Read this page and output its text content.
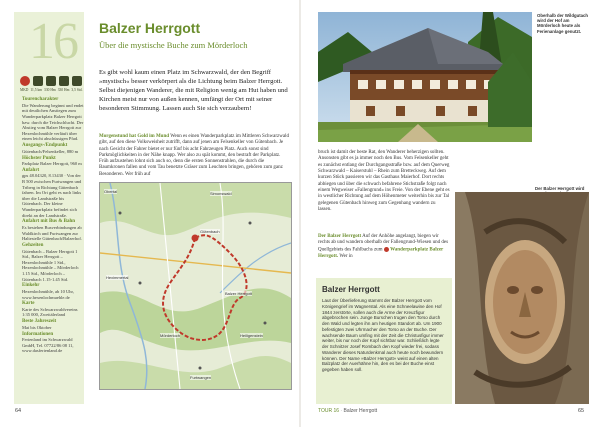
16
MKD 11,5 km 330 Hm 330 Hm 3,5 Std.
Tourencharakter
Die Wanderung beginnt und endet mit deutlichen Anstiegen zum Wanderparkplatz Balzer Herrgott bzw. durch die Teichschlucht. Der Abstieg vom Balzer Herrgott zur Hexenlochmühle verläuft über einen leicht abschüssigen Pfad.
Ausgangs-/Endpunkt
Gütenbach/Felsenkeller, 880 m
Höchster Punkt
Parkplatz Balzer Herrgott, 960 m
Anfahrt
gps 48.04320, 8.13430 · Von der B 500 zwischen Furtwangen und Triberg in Richtung Gütenbach fahren. Im Ort geht es nach links über die Landstraße bis Gütenbach. Der kleine Wanderparkplatz befindet sich direkt an der Landstraße.
Anfahrt mit Bus & Bahn
Es bestehen Busverbindungen ab Waldkirch und Furtwangen zur Haltestelle Gütenbach/Balzerhof.
Gehzeiten
Gütenbach – Balzer Herrgott 1 Std., Balzer Herrgott – Hexenlochmühle 1 Std., Hexenlochmühle – Mörderloch 1.15 Std., Mörderloch – Gütenbach 1.15-1.45 Std.
Einkehr
Hexenlochmühle, ab 10 Uhr, www.hexenlochmuehle.de
Karte
Karte des Schwarzwaldvereins 1:35 000, Zweitälerland
Beste Jahreszeit
Mai bis Oktober
Informationen
Ferienland im Schwarzwald GmbH, Tel. 07722/86 08 11, www.dasferienland.de
Balzer Herrgott
Über die mystische Buche zum Mörderloch
Es gibt wohl kaum einen Platz im Schwarzwald, der den Begriff »mystisch« besser verkörpert als die Lichtung beim Balzer Herrgott. Selbst diejenigen Wanderer, die mit Religion wenig am Hut haben und Kirchen meist nur von außen kennen, umfängt der Ort mit seiner besonderen Stimmung. Lassen auch Sie sich verzaubern!
Morgenstund hat Gold im Mund Wenn es einen Wanderparkplatz im Mittleren Schwarzwald gibt, auf den diese Volksweisheit zutrifft, dann auf jenen am Felsenkeller von Gütenbach. Je nach Gesicht der Fahrer bietet er nur fünf bis acht Fahrzeugen Platz. Auch sonst sind Parkmöglichkeiten in der Nähe knapp. Wer also zu spät kommt, den bestraft der Parkplatz. Früh aufzustehen lohnt sich auch so, denn die ersten Sonnenstrahlen, die durch die Baumkronen fallen und vom Tau benetzte Gräser zum Leuchten bringen, gehören zum ganz Besonderen. Wer früh auf
Obertal	Simonswald
Heximmertal
Gütenbach
Balzer Herrgott
Heiligenstein
Mörderloch
Furtwangen
64
Oberhalb der Wildgutach wird der Hof am Mörderloch heute als Ferienanlage genutzt.
bruch ist damit der beste Rat, den Wanderer beherzigen sollten. Ansonsten gibt es ja immer noch den Bus. Vom Felsenkeller geht es zunächst entlang der Durchgangsstraße bzw. auf dem Querweg Schwarzwald – Kaiserstuhl – Rhein zum Bretteckweg. Auf dem kurzen Stück passieren wir das Gasthaus Maierhof. Dort rechts abbiegen und über die schwach befahrene Stichstraße folgt nach einem Wegweiser »Fallengrund« ins Freie. Von der Ebene geht es in westlicher Richtung auf dem Höhenmeter weiterhin bis zur Tal gelegenen Gütenbach hinweg zum Gegenhang wandern zu lassen.
Der Balzer Herrgott Auf der Anhöhe angelangt, biegen wir rechts ab und wandern oberhalb der Fallengrund-Wiesen und des Quellgebiets des Fahlbachs zum Wanderparkplatz Balzer Herrgott. Wer in
Balzer Herrgott
Laut der Überlieferung stammt der Balzer Herrgott vom Königengrief im Wagnerstal. Als eine Schneelawine den Hof 1844 zerstörte, sollen auch die Arme der Kreuzfigur abgebrochen sein. Junge Burschen trugen den Torso durch den Wald und legten ihn am heutigen Standort ab. Um 1900 befestigten zwei Uhrmacher den Torso an der Buche. Der wachsende Baum umfing mit der Zeit die Christusfigur immer weiter, bis nur noch der Kopf sichtbar war. Schließlich legte der Schnitzer Josef Rombach den Kopf wieder frei, sodass Wanderer dieses Naturdenkmal auch heute noch bewundern können. Der Name »Balzer Herrgott« weist auf einen alten Balzplatz der Auerhähne hin, den es bei der Buche einst gegeben haben soll.
Der Balzer Herrgott wird
TOUR 16 · Balzer Herrgott	65
